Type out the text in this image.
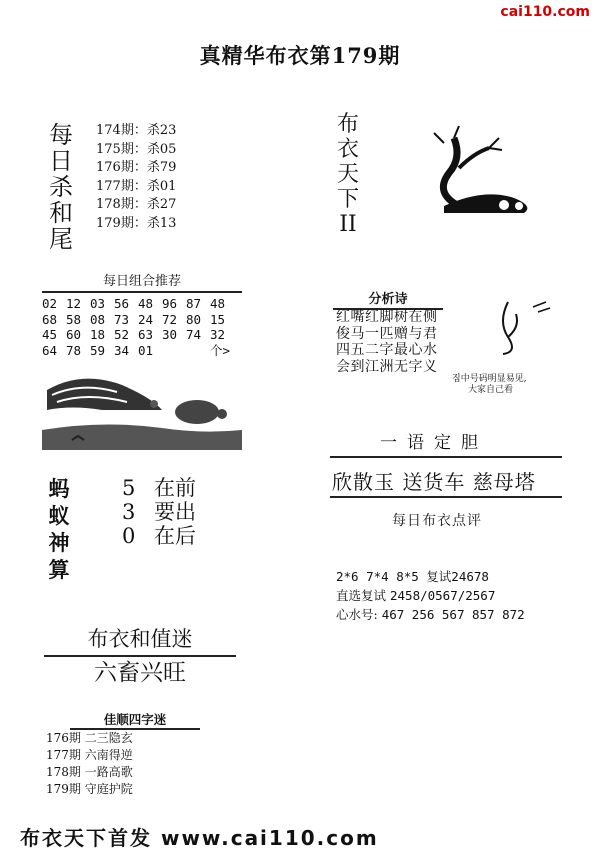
cai110.com
真精华布衣第179期
每日杀和尾
174期：杀23
175期：杀05
176期：杀79
177期：杀01
178期：杀27
179期：杀13
每日组合推荐
02 12 03 56 48 96 87 48
68 58 08 73 24 72 80 15
45 60 18 52 63 30 74 32
64 78 59 34 01	个>
蚂蚁神算
5 在前
3 要出
0 在后
布衣和值迷
六畜兴旺
佳顺四字迷
176期 二三隐玄
177期 六南得逆
178期 一路高歌
179期 守庭护院
布衣天下II
分析诗
红嘴红脚树在侧
俊马一匹赠与君
四五二字最心水
会到江洲无字义
짐中号码明显易见,
大家自己看
一语定胆
欣散玉 送货车 慈母塔
每日布衣点评
2*6 7*4 8*5 复试24678
直选复试 2458/0567/2567
心水号: 467 256 567 857 872
布衣天下首发 www.cai110.com
